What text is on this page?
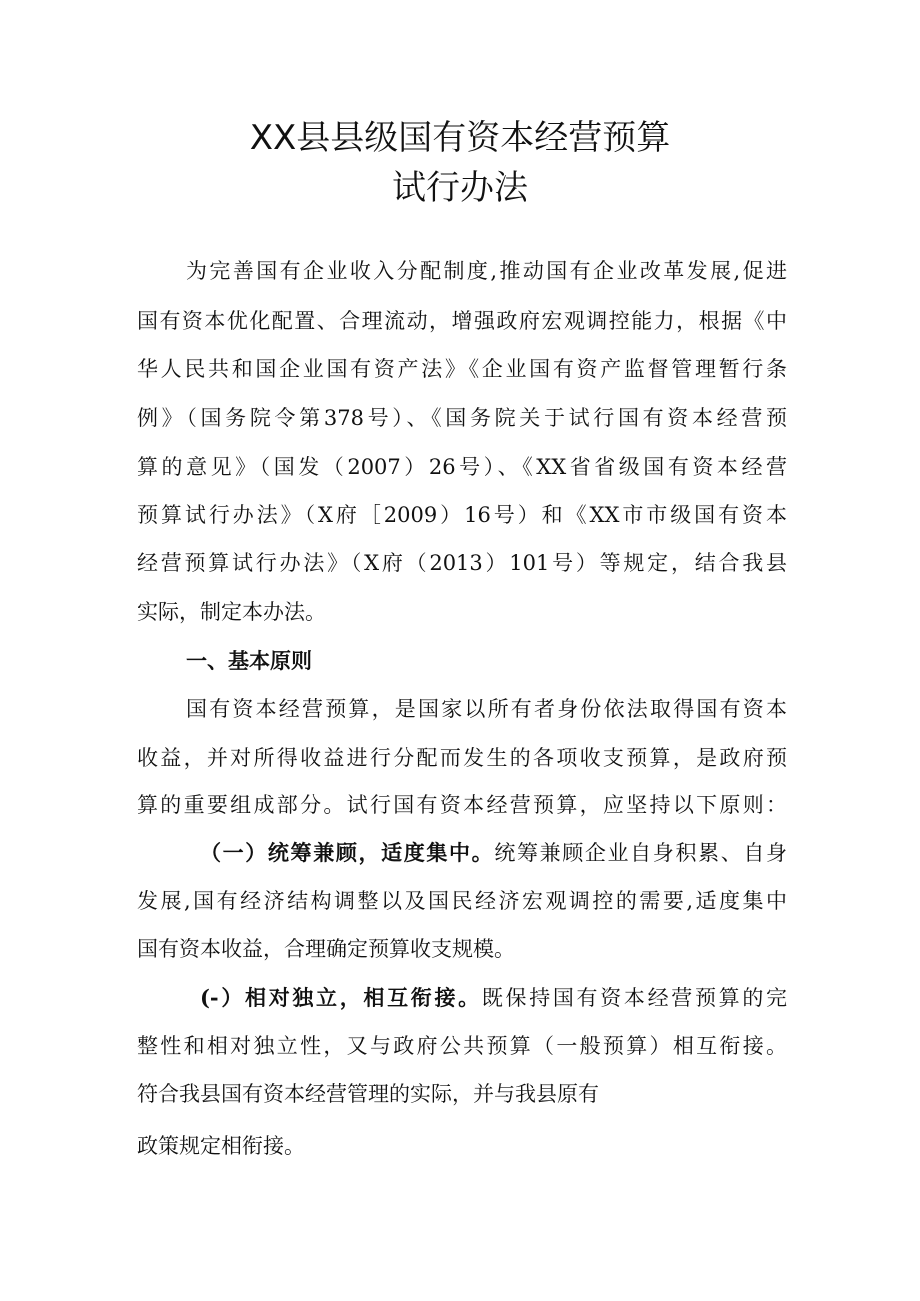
XX县县级国有资本经营预算
试行办法
为完善国有企业收入分配制度,推动国有企业改革发展,促进
国有资本优化配置、合理流动，增强政府宏观调控能力，根据《中
华人民共和国企业国有资产法》《企业国有资产监督管理暂行条
例》（国务院令第378号）、《国务院关于试行国有资本经营预
算的意见》（国发（2007）26号）、《XX省省级国有资本经营
预算试行办法》（X府［2009）16号）和《XX市市级国有资本
经营预算试行办法》（X府（2013）101号）等规定，结合我县
实际，制定本办法。
一、基本原则
国有资本经营预算，是国家以所有者身份依法取得国有资本
收益，并对所得收益进行分配而发生的各项收支预算，是政府预
算的重要组成部分。试行国有资本经营预算，应坚持以下原则：
（一）统筹兼顾，适度集中。统筹兼顾企业自身积累、自身
发展,国有经济结构调整以及国民经济宏观调控的需要,适度集中
国有资本收益，合理确定预算收支规模。
(-）相对独立，相互衔接。既保持国有资本经营预算的完
整性和相对独立性，又与政府公共预算（一般预算）相互衔接。
符合我县国有资本经营管理的实际，并与我县原有
政策规定相衔接。
